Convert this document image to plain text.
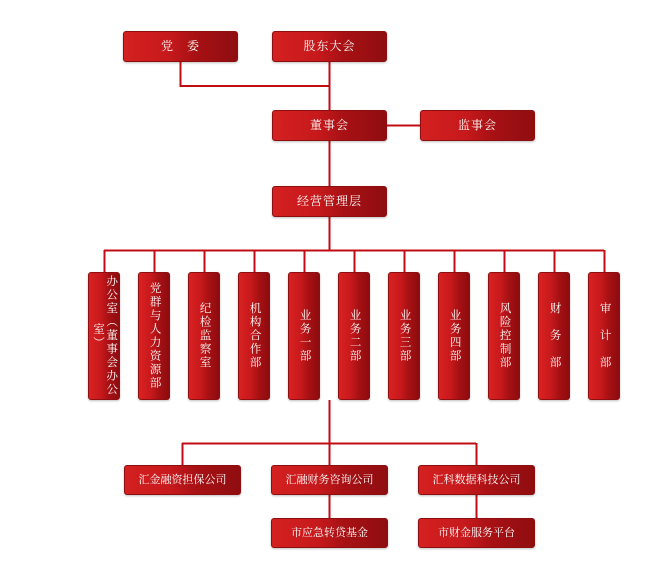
党　委	股东大会
董事会	监事会
经营管理层
办公室（董事会办公室）	党群与人力资源部	纪检监察室	机构合作部	业务一部	业务二部	业务三部	业务四部	风险控制部	财　务　部	审　计　部
汇金融资担保公司	汇融财务咨询公司	汇科数据科技公司
市应急转贷基金	市财金服务平台
